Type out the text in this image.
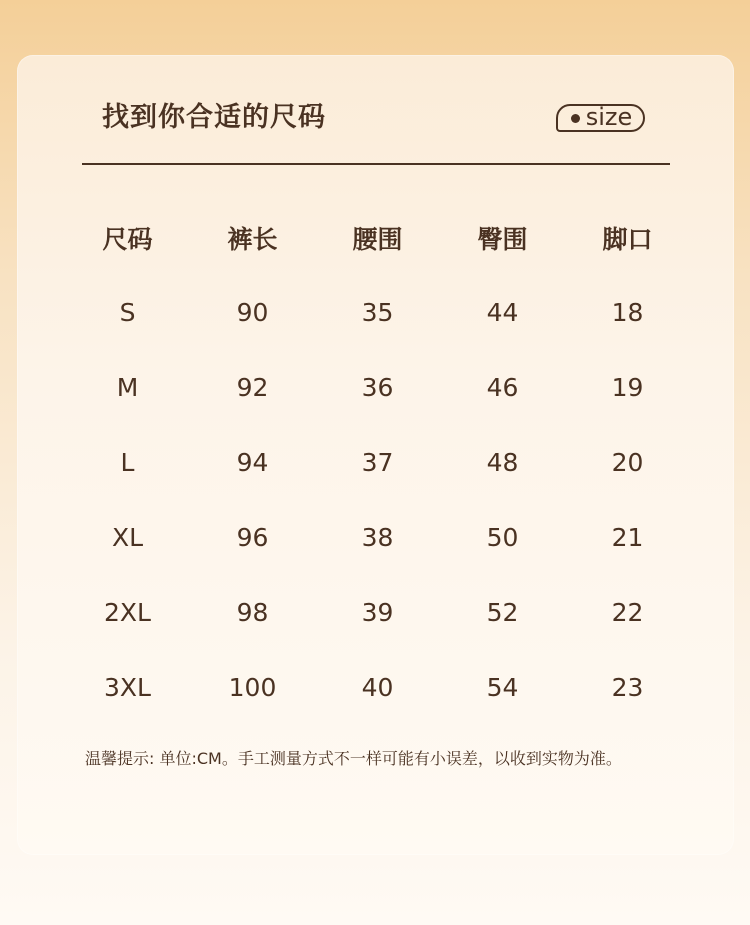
找到你合适的尺码	size
尺码	裤长	腰围	臀围	脚口
S	90	35	44	18
M	92	36	46	19
L	94	37	48	20
XL	96	38	50	21
2XL	98	39	52	22
3XL	100	40	54	23
温馨提示: 单位:CM。手工测量方式不一样可能有小误差，以收到实物为准。
